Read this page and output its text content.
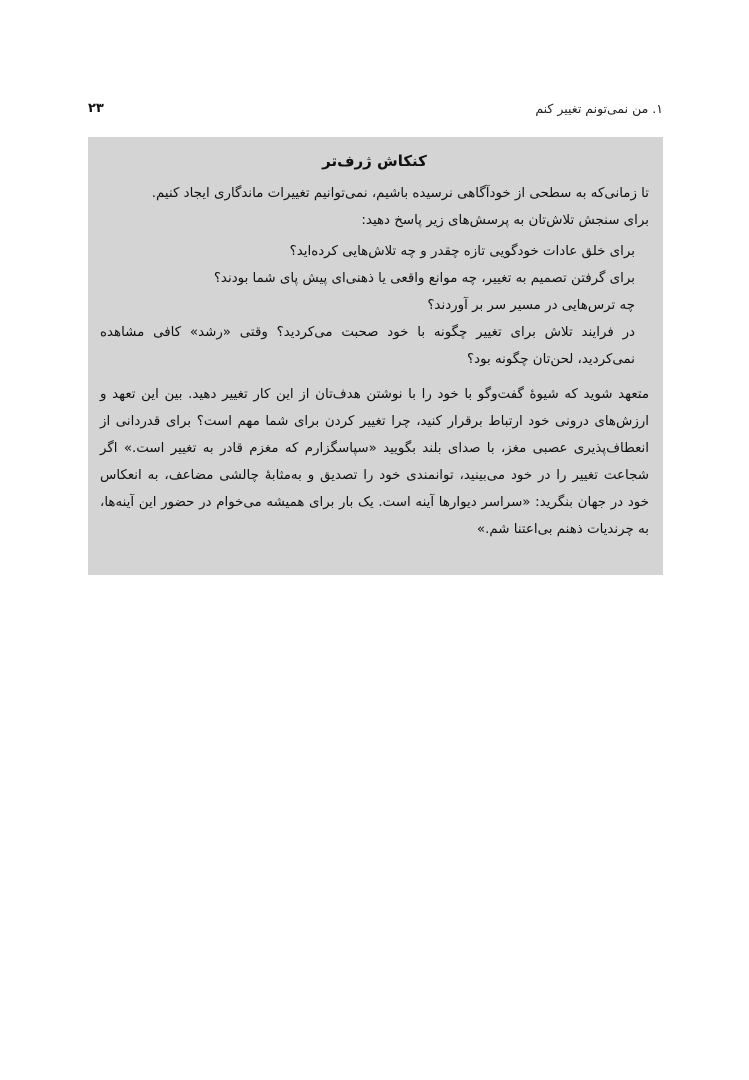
۱. من نمی‌تونم تغییر کنم
۲۳
کنکاش ژرف‌تر

تا زمانی‌که به سطحی از خودآگاهی نرسیده باشیم، نمی‌توانیم تغییرات ماندگاری ایجاد کنیم.

برای سنجش تلاش‌تان به پرسش‌های زیر پاسخ دهید:

برای خلق عادات خودگویی تازه چقدر و چه تلاش‌هایی کرده‌اید؟
برای گرفتن تصمیم به تغییر، چه موانع واقعی یا ذهنی‌ای پیش پای شما بودند؟
چه ترس‌هایی در مسیر سر بر آوردند؟
در فرایند تلاش برای تغییر چگونه با خود صحبت می‌کردید؟ وقتی «رشد» کافی مشاهده نمی‌کردید، لحن‌تان چگونه بود؟

متعهد شوید که شیوهٔ گفت‌وگو با خود را با نوشتن هدف‌تان از این کار تغییر دهید. بین این تعهد و ارزش‌های درونی خود ارتباط برقرار کنید، چرا تغییر کردن برای شما مهم است؟ برای قدردانی از انعطاف‌پذیری عصبی مغز، با صدای بلند بگویید «سپاسگزارم که مغزم قادر به تغییر است.» اگر شجاعت تغییر را در خود می‌بینید، توانمندی خود را تصدیق و به‌مثابهٔ چالشی مضاعف، به انعکاس خود در جهان بنگرید: «سراسر دیوارها آینه است. یک بار برای همیشه می‌خوام در حضور این آینه‌ها، به چرندیات ذهنم بی‌اعتنا شم.»
